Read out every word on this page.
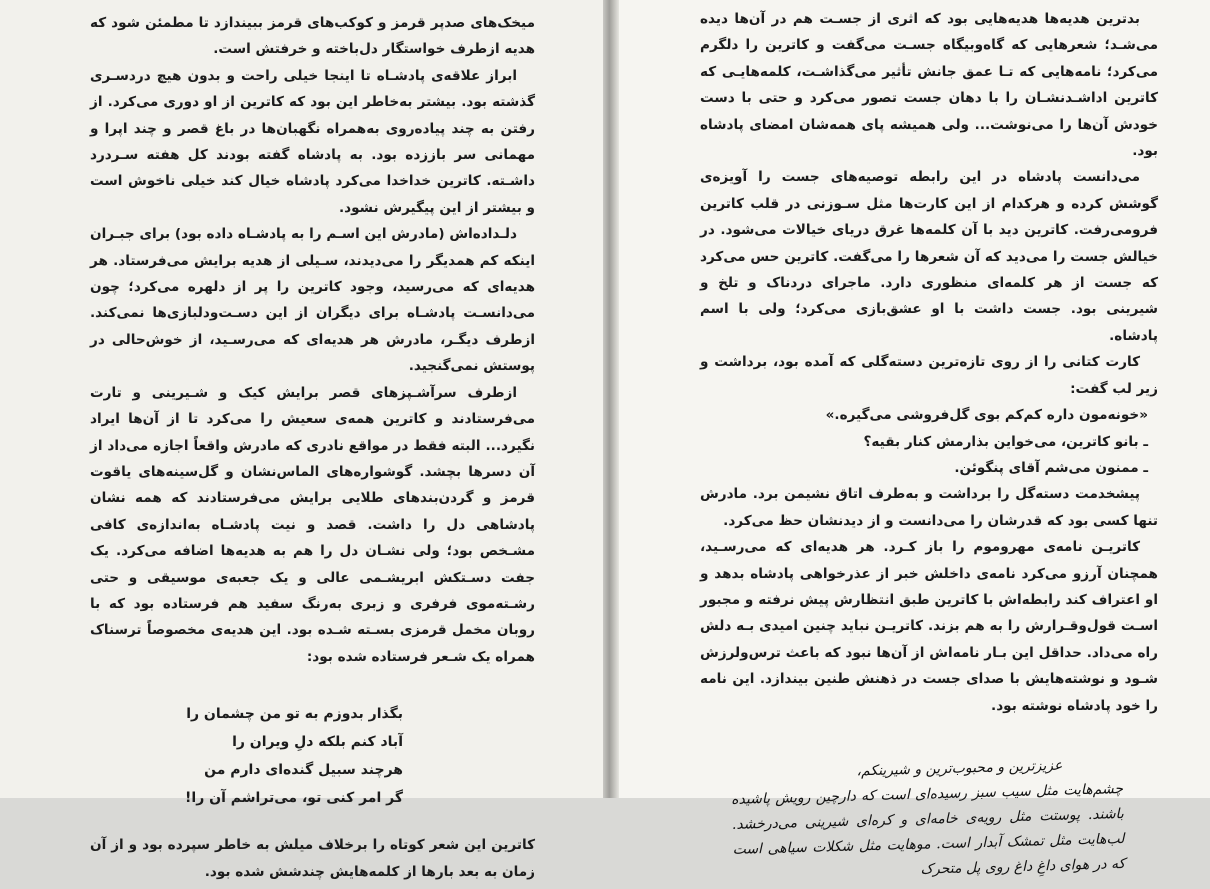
میخک‌های صدپر قرمز و کوکب‌های قرمز ببیندازد تا مطمئن شود که هدیه ازطرف خواستگار دل‌باخته و خرفتش است.

ابراز علاقه‌ی پادشـاه تا اینجا خیلی راحت و بدون هیچ دردسـری گذشته بود. بیشتر به‌خاطر این بود که کاترین از او دوری می‌کرد. از رفتن به چند پیاده‌روی به‌همراه نگهبان‌ها در باغ قصر و چند اپرا و مهمانی سر باززده بود. به پادشاه گفته بودند کل هفته سـردرد داشـته. کاترین خداخدا می‌کرد پادشاه خیال کند خیلی ناخوش است و بیشتر از این پیگیرش نشود.

دلـداده‌اش (مادرش این اسـم را به پادشـاه داده بود) برای جبـران اینکه کم همدیگر را می‌دیدند، سـیلی از هدیه برایش می‌فرستاد. هر هدیه‌ای که می‌رسید، وجود کاترین را پر از دلهره می‌کرد؛ چون می‌دانسـت پادشـاه برای دیگران از این دسـت‌ودلبازی‌ها نمی‌کند. ازطرف دیگـر، مادرش هر هدیه‌ای که می‌رسـید، از خوش‌حالی در پوستش نمی‌گنجید.

ازطرف سرآشـپزهای قصر برایش کیک و شـیرینی و تارت می‌فرستادند و کاترین همه‌ی سعیش را می‌کرد تا از آن‌ها ایراد نگیرد... البته فقط در مواقع نادری که مادرش واقعاً اجازه می‌داد از آن دسرها بچشد. گوشواره‌های الماس‌نشان و گل‌سینه‌های یاقوت قرمز و گردن‌بندهای طلایی برایش می‌فرستادند که همه نشان پادشاهی دل را داشت. قصد و نیت پادشـاه به‌اندازه‌ی کافی مشـخص بود؛ ولی نشـان دل را هم به هدیه‌ها اضافه می‌کرد. یک جفت دسـتکش ابریشـمی عالی و یک جعبه‌ی موسیقی و حتی رشـته‌موی فرفری و زبری به‌رنگ سفید هم فرستاده بود که با روبان مخمل قرمزی بسـته شـده بود. این هدیه‌ی مخصوصاً ترسناک همراه یک شـعر فرستاده شده بود:

بگذار بدوزم به تو من چشمان را
آباد کنم بلکه دلِ ویران را
هرچند سبیل گنده‌ای دارم من
گر امر کنی تو، می‌تراشم آن را!

کاترین این شعر کوتاه را برخلاف میلش به خاطر سپرده بود و از آن زمان به بعد بارها از کلمه‌هایش چندشش شده بود.

بدترین هدیه‌ها هدیه‌هایی بود که اثری از جسـت هم در آن‌ها دیده می‌شـد؛ شعرهایی که گاه‌وبیگاه جسـت می‌گفت و کاترین را دلگرم می‌کرد؛ نامه‌هایی که تـا عمق جانش تأثیر می‌گذاشـت، کلمه‌هایـی که کاترین اداشـدنشـان را با دهان جست تصور می‌کرد و حتی با دست خودش آن‌ها را می‌نوشت... ولی همیشه پای همه‌شان امضای پادشاه بود.

می‌دانست پادشاه در این رابطه توصیه‌های جست را آویزه‌ی گوشش کرده و هرکدام از این کارت‌ها مثل سـوزنی در قلب کاترین فرومی‌رفت. کاترین دید با آن کلمه‌ها غرق دریای خیالات می‌شود. در خیالش جست را می‌دید که آن شعرها را می‌گفت. کاترین حس می‌کرد که جست از هر کلمه‌ای منظوری دارد. ماجرای دردناک و تلخ و شیرینی بود. جست داشت با او عشق‌بازی می‌کرد؛ ولی با اسم پادشاه.

کارت کتانی را از روی تازه‌ترین دسته‌گلی که آمده بود، برداشت و زیر لب گفت:

«خونه‌مون داره کم‌کم بوی گل‌فروشی می‌گیره.»
ـ بانو کاترین، می‌خواین بذارمش کنار بقیه؟
ـ ممنون می‌شم آقای پنگوئن.

پیشخدمت دسته‌گل را برداشت و به‌طرف اتاق نشیمن برد. مادرش تنها کسی بود که قدرشان را می‌دانست و از دیدنشان حظ می‌کرد.

کاتریـن نامه‌ی مهروموم را باز کـرد. هر هدیه‌ای که می‌رسـید، همچنان آرزو می‌کرد نامه‌ی داخلش خبر از عذرخواهی پادشاه بدهد و او اعتراف کند رابطه‌اش با کاترین طبق انتظارش پیش نرفته و مجبور اسـت قول‌وقـرارش را به هم بزند. کاتریـن نباید چنین امیدی بـه دلش راه می‌داد. حداقل این بـار نامه‌اش از آن‌ها نبود که باعث ترس‌ولرزش شـود و نوشته‌هایش با صدای جست در ذهنش طنین بیندازد. این نامه را خود پادشاه نوشته بود.

عزیزترین و محبوب‌ترین و شیرینکم،
چشم‌هایت مثل سیب سبز رسیده‌ای است که دارچین رویش پاشیده باشند. پوستت مثل رویه‌ی خامه‌ای و کره‌ای شیرینی می‌درخشد. لب‌هایت مثل تمشک آبدار است. موهایت مثل شکلات سیاهی است که در هوای داغِ داغ روی پل متحرک
